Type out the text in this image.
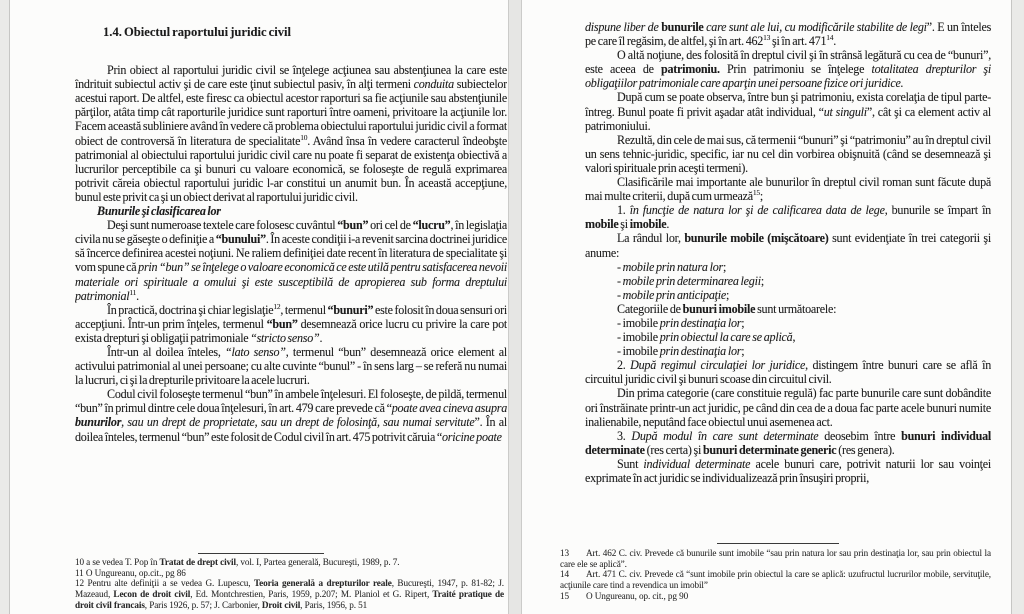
1.4. Obiectul raportului juridic civil

Prin obiect al raportului juridic civil se înţelege acţiunea sau abstenţiunea la care este îndrituit subiectul activ şi de care este ţinut subiectul pasiv, în alţi termeni conduita subiectelor acestui raport. De altfel, este firesc ca obiectul acestor raporturi sa fie acţiunile sau abstenţiunile părţilor, atâta timp cât raporturile juridice sunt raporturi între oameni, privitoare la acţiunile lor. Facem această subliniere având în vedere că problema obiectului raportului juridic civil a format obiect de controversă în literatura de specialitate$^{10}$. Având însa în vedere caracterul îndeobşte patrimonial al obiectului raportului juridic civil care nu poate fi separat de existenţa obiectivă a lucrurilor perceptibile ca şi bunuri cu valoare economică, se foloseşte de regulă exprimarea potrivit căreia obiectul raportului juridic l-ar constitui un anumit bun. În această accepţiune, bunul este privit ca şi un obiect derivat al raportului juridic civil.

Bunurile şi clasificarea lor

Deşi sunt numeroase textele care folosesc cuvântul “bun” ori cel de “lucru”, în legislaţia civila nu se găseşte o definiţie a “bunului”. În aceste condiţii i-a revenit sarcina doctrinei juridice să încerce definirea acestei noţiuni. Ne raliem definiţiei date recent în literatura de specialitate şi vom spune că prin “bun” se înţelege o valoare economică ce este utilă pentru satisfacerea nevoii materiale ori spirituale a omului şi este susceptibilă de apropierea sub forma dreptului patrimonial$^{11}$.

În practică, doctrina şi chiar legislaţie$^{12}$, termenul “bunuri” este folosit în doua sensuri ori accepţiuni. Într-un prim înţeles, termenul “bun” desemnează orice lucru cu privire la care pot exista drepturi şi obligaţii patrimoniale “stricto senso”.

Într-un al doilea înteles, “lato senso”, termenul “bun” desemnează orice element al activului patrimonial al unei persoane; cu alte cuvinte “bunul” - în sens larg – se referă nu numai la lucruri, ci şi la drepturile privitoare la acele lucruri.

Codul civil foloseşte termenul “bun” în ambele înţelesuri. El foloseşte, de pildă, termenul “bun” în primul dintre cele doua înţelesuri, în art. 479 care prevede că “poate avea cineva asupra bunurilor, sau un drept de proprietate, sau un drept de folosinţă, sau numai servitute”. În al doilea înteles, termenul “bun” este folosit de Codul civil în art. 475 potrivit căruia “oricine poate

10 a se vedea T. Pop în Tratat de drept civil, vol. I, Partea generală, Bucureşti, 1989, p. 7.

11 O Ungureanu, op.cit., pg 86

12 Pentru alte definiţii a se vedea G. Lupescu, Teoria generală a drepturilor reale, Bucureşti, 1947, p. 81-82; J. Mazeaud, Lecon de droit civil, Ed. Montchrestien, Paris, 1959, p.207; M. Planiol et G. Ripert, Traité pratique de droit civil francais, Paris 1926, p. 57; J. Carbonier, Droit civil, Paris, 1956, p. 51

dispune liber de bunurile care sunt ale lui, cu modificările stabilite de legi”. E un înteles pe care îl regăsim, de altfel, şi în art. $462^{13}$ şi în art. $471^{14}$.

O altă noţiune, des folosită în dreptul civil şi în strânsă legătură cu cea de “bunuri”, este aceea de patrimoniu. Prin patrimoniu se înţelege totalitatea drepturilor şi obligaţiilor patrimoniale care aparţin unei persoane fizice ori juridice.

După cum se poate observa, între bun şi patrimoniu, exista corelaţia de tipul parte-întreg. Bunul poate fi privit aşadar atât individual, “ut singuli”, cât şi ca element activ al patrimoniului.

Rezultă, din cele de mai sus, că termenii “bunuri” şi “patrimoniu” au în dreptul civil un sens tehnic-juridic, specific, iar nu cel din vorbirea obişnuită (când se desemnează şi valori spirituale prin aceşti termeni).

Clasificările mai importante ale bunurilor în dreptul civil roman sunt făcute după mai multe criterii, după cum urmează$^{15}$;

1. în funcţie de natura lor şi de calificarea data de lege, bunurile se împart în mobile şi imobile.

La rândul lor, bunurile mobile (mişcătoare) sunt evidenţiate în trei categorii şi anume:

- mobile prin natura lor;

- mobile prin determinarea legii;

- mobile prin anticipaţie;

Categoriile de bunuri imobile sunt următoarele:

- imobile prin destinaţia lor;

- imobile prin obiectul la care se aplică,

- imobile prin destinaţia lor;

2. După regimul circulaţiei lor juridice, distingem între bunuri care se află în circuitul juridic civil şi bunuri scoase din circuitul civil.

Din prima categorie (care constituie regulă) fac parte bunurile care sunt dobândite ori înstrăinate printr-un act juridic, pe când din cea de a doua fac parte acele bunuri numite inalienabile, neputând face obiectul unui asemenea act.

3. După modul în care sunt determinate deosebim între bunuri individual determinate (res certa) şi bunuri determinate generic (res genera).

Sunt individual determinate acele bunuri care, potrivit naturii lor sau voinţei exprimate în act juridic se individualizează prin însuşiri proprii,

13 Art. 462 C. civ. Prevede că bunurile sunt imobile “sau prin natura lor sau prin destinaţia lor, sau prin obiectul la care ele se aplică”.

14 Art. 471 C. civ. Prevede că “sunt imobile prin obiectul la care se aplică: uzufructul lucrurilor mobile, servituţile, acţiunile care tind a revendica un imobil”

15 O Ungureanu, op. cit., pg 90
